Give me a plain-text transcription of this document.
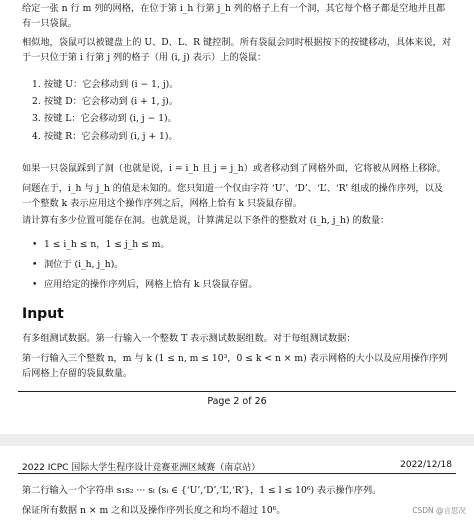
给定一张 n 行 m 列的网格，在位于第 i_h 行第 j_h 列的格子上有一个洞，其它每个格子都是空地并且都有一只袋鼠。

相似地，袋鼠可以被键盘上的 U、D、L、R 键控制。所有袋鼠会同时根据按下的按键移动，具体来说，对于一只位于第 i 行第 j 列的格子（用 (i, j) 表示）上的袋鼠：

1. 按键 U：它会移动到 (i − 1, j)。

2. 按键 D：它会移动到 (i + 1, j)。

3. 按键 L：它会移动到 (i, j − 1)。

4. 按键 R：它会移动到 (i, j + 1)。

如果一只袋鼠踩到了洞（也就是说，i = i_h 且 j = j_h）或者移动到了网格外面，它将被从网格上移除。

问题在于，i_h 与 j_h 的值是未知的。您只知道一个仅由字符 ‘U’、‘D’、‘L’、‘R’ 组成的操作序列，以及一个整数 k 表示应用这个操作序列之后，网格上恰有 k 只袋鼠存留。

请计算有多少位置可能存在洞。也就是说，计算满足以下条件的整数对 (i_h, j_h) 的数量：

• 1 ≤ i_h ≤ n，1 ≤ j_h ≤ m。

• 洞位于 (i_h, j_h)。

• 应用给定的操作序列后，网格上恰有 k 只袋鼠存留。

Input

有多组测试数据。第一行输入一个整数 T 表示测试数据组数。对于每组测试数据：

第一行输入三个整数 n，m 与 k (1 ≤ n, m ≤ 10³，0 ≤ k < n × m) 表示网格的大小以及应用操作序列后网格上存留的袋鼠数量。

Page 2 of 26
2022 ICPC 国际大学生程序设计竞赛亚洲区域赛（南京站）	2022/12/18

第二行输入一个字符串 s₁s₂ ··· sₗ (sᵢ ∈ {‘U’,‘D’,‘L’,‘R’}，1 ≤ l ≤ 10⁶) 表示操作序列。

保证所有数据 n × m 之和以及操作序列长度之和均不超过 10⁶。	CSDN @言思况
